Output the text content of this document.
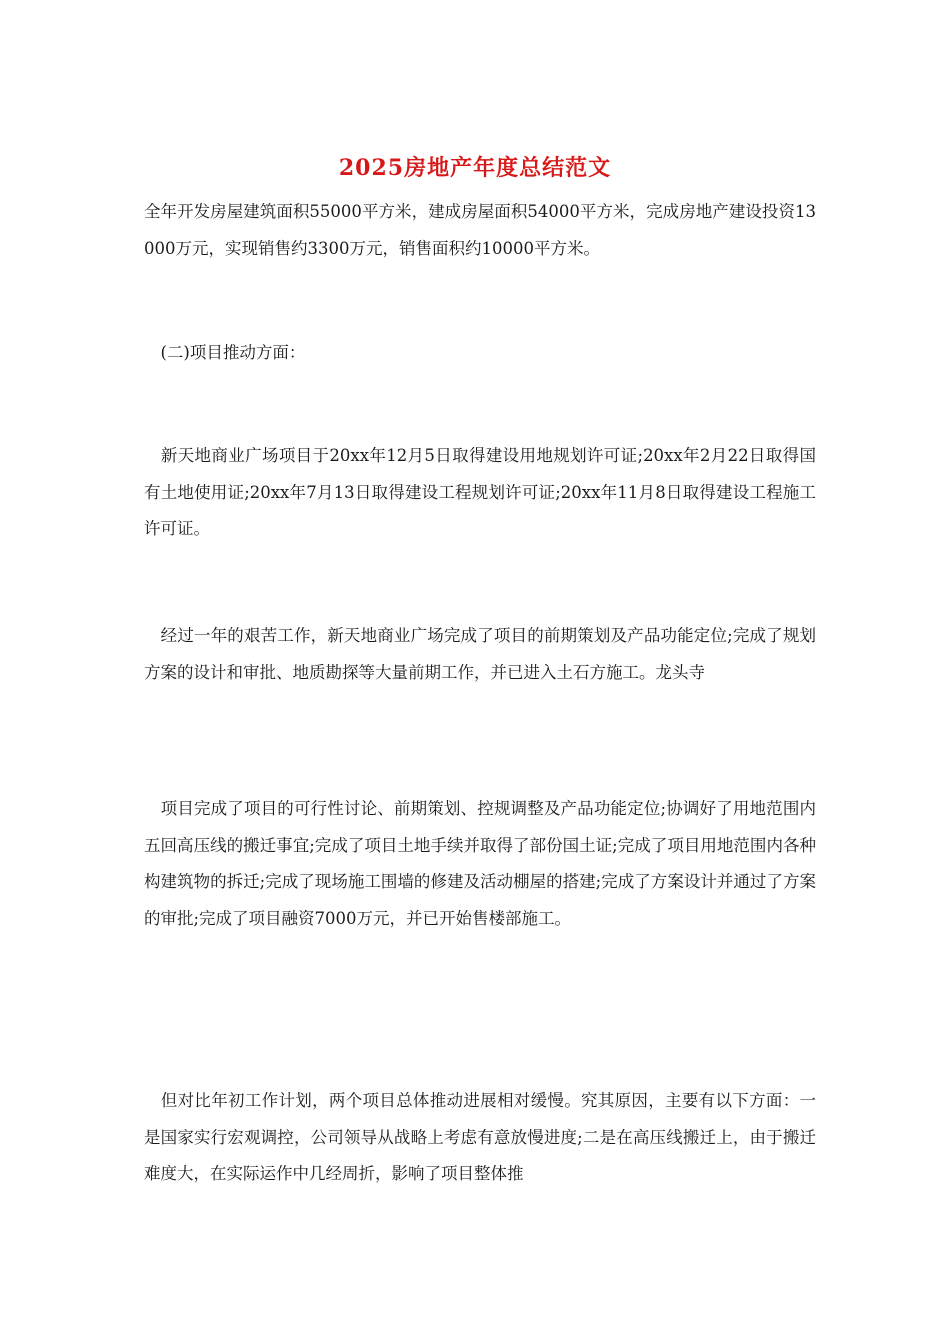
2025房地产年度总结范文

全年开发房屋建筑面积55000平方米，建成房屋面积54000平方米，完成房地产建设投资13000万元，实现销售约3300万元，销售面积约10000平方米。

　(二)项目推动方面：

　新天地商业广场项目于20xx年12月5日取得建设用地规划许可证;20xx年2月22日取得国有土地使用证;20xx年7月13日取得建设工程规划许可证;20xx年11月8日取得建设工程施工许可证。

　经过一年的艰苦工作，新天地商业广场完成了项目的前期策划及产品功能定位;完成了规划方案的设计和审批、地质勘探等大量前期工作，并已进入土石方施工。龙头寺

　项目完成了项目的可行性讨论、前期策划、控规调整及产品功能定位;协调好了用地范围内五回高压线的搬迁事宜;完成了项目土地手续并取得了部份国土证;完成了项目用地范围内各种构建筑物的拆迁;完成了现场施工围墙的修建及活动棚屋的搭建;完成了方案设计并通过了方案的审批;完成了项目融资7000万元，并已开始售楼部施工。

　但对比年初工作计划，两个项目总体推动进展相对缓慢。究其原因，主要有以下方面：一是国家实行宏观调控，公司领导从战略上考虑有意放慢进度;二是在高压线搬迁上，由于搬迁难度大，在实际运作中几经周折，影响了项目整体推
